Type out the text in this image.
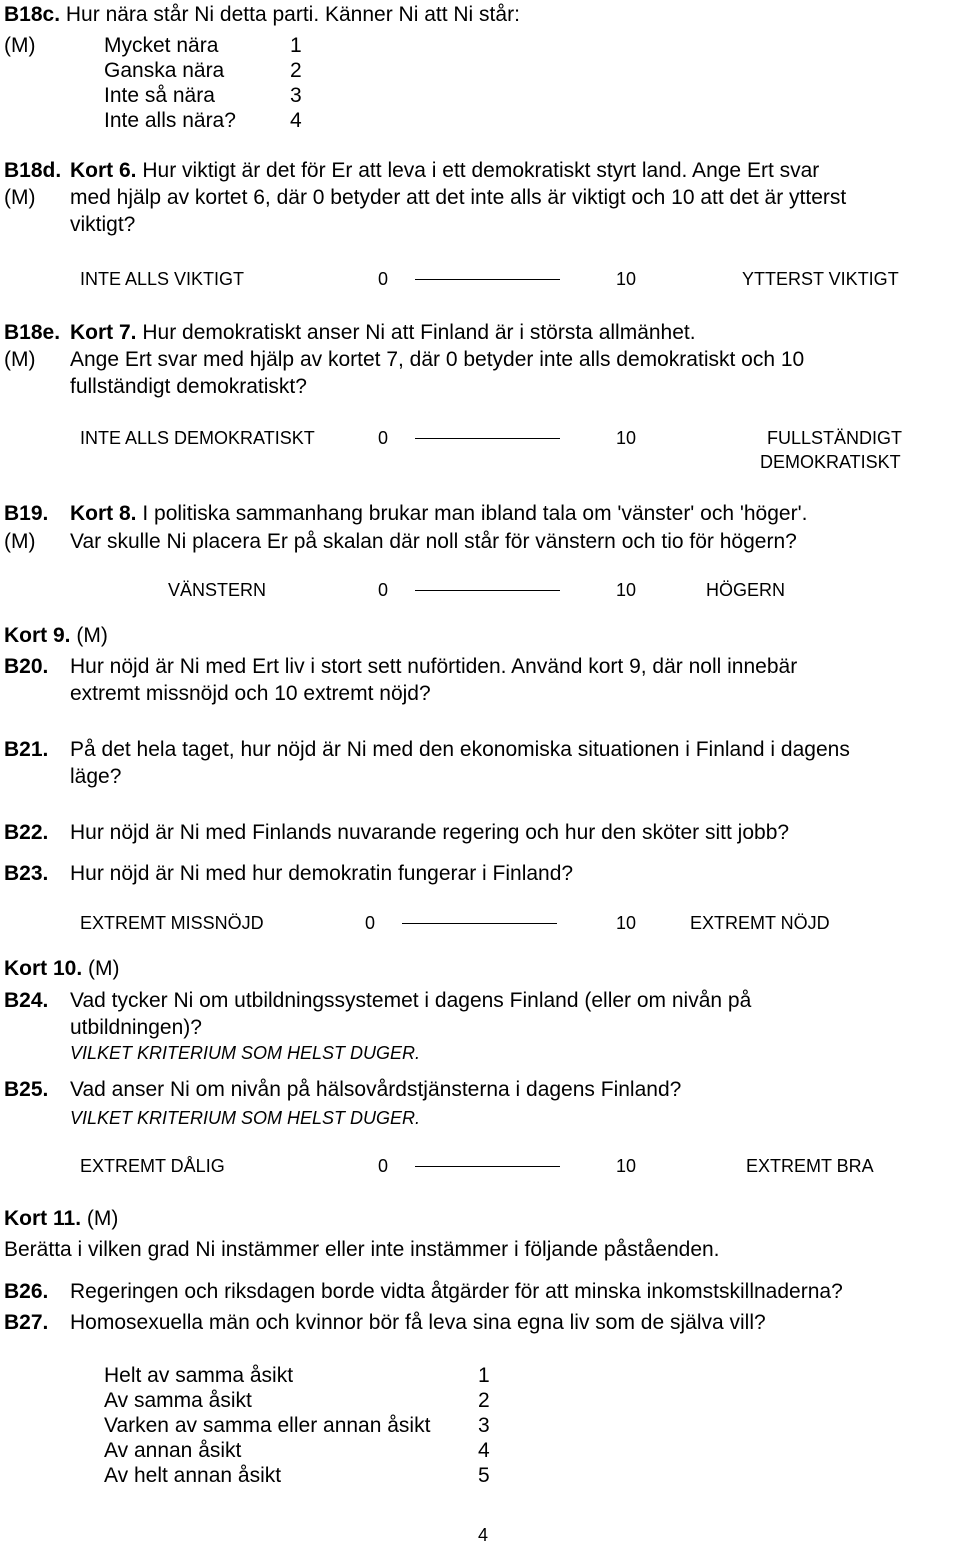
B18c. Hur nära står Ni detta parti. Känner Ni att Ni står:
(M)	Mycket nära	1
Ganska nära	2
Inte så nära	3
Inte alls nära?	4
B18d. Kort 6. Hur viktigt är det för Er att leva i ett demokratiskt styrt land. Ange Ert svar
(M) med hjälp av kortet 6, där 0 betyder att det inte alls är viktigt och 10 att det är ytterst
viktigt?
INTE ALLS VIKTIGT	0	10	YTTERST VIKTIGT
B18e. Kort 7. Hur demokratiskt anser Ni att Finland är i största allmänhet.
(M) Ange Ert svar med hjälp av kortet 7, där 0 betyder inte alls demokratiskt och 10
fullständigt demokratiskt?
INTE ALLS DEMOKRATISKT	0	10	FULLSTÄNDIGT
DEMOKRATISKT
B19. Kort 8. I politiska sammanhang brukar man ibland tala om 'vänster' och 'höger'.
(M) Var skulle Ni placera Er på skalan där noll står för vänstern och tio för högern?
VÄNSTERN	0	10	HÖGERN
Kort 9. (M)
B20. Hur nöjd är Ni med Ert liv i stort sett nuförtiden. Använd kort 9, där noll innebär
extremt missnöjd och 10 extremt nöjd?
B21. På det hela taget, hur nöjd är Ni med den ekonomiska situationen i Finland i dagens
läge?
B22. Hur nöjd är Ni med Finlands nuvarande regering och hur den sköter sitt jobb?
B23. Hur nöjd är Ni med hur demokratin fungerar i Finland?
EXTREMT MISSNÖJD	0	10	EXTREMT NÖJD
Kort 10. (M)
B24. Vad tycker Ni om utbildningssystemet i dagens Finland (eller om nivån på
utbildningen)?
VILKET KRITERIUM SOM HELST DUGER.
B25. Vad anser Ni om nivån på hälsovårdstjänsterna i dagens Finland?
VILKET KRITERIUM SOM HELST DUGER.
EXTREMT DÅLIG	0	10	EXTREMT BRA
Kort 11. (M)
Berätta i vilken grad Ni instämmer eller inte instämmer i följande påståenden.
B26. Regeringen och riksdagen borde vidta åtgärder för att minska inkomstskillnaderna?
B27. Homosexuella män och kvinnor bör få leva sina egna liv som de själva vill?
Helt av samma åsikt	1
Av samma åsikt	2
Varken av samma eller annan åsikt 3
Av annan åsikt	4
Av helt annan åsikt	5
4
